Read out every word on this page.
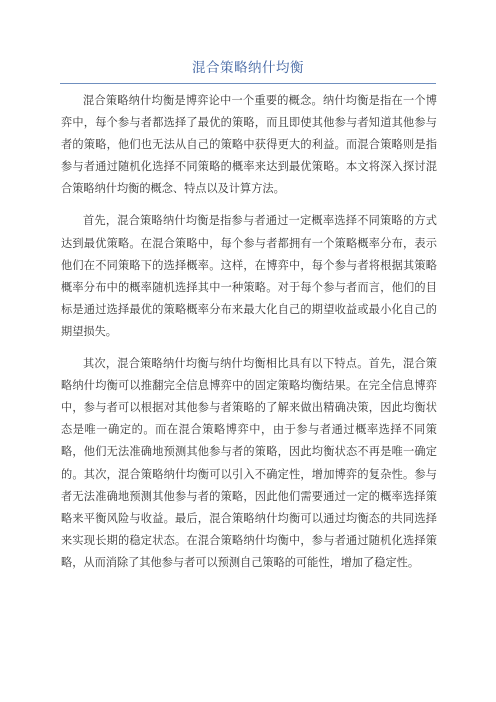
混合策略纳什均衡

混合策略纳什均衡是博弈论中一个重要的概念。纳什均衡是指在一个博弈中，每个参与者都选择了最优的策略，而且即使其他参与者知道其他参与者的策略，他们也无法从自己的策略中获得更大的利益。而混合策略则是指参与者通过随机化选择不同策略的概率来达到最优策略。本文将深入探讨混合策略纳什均衡的概念、特点以及计算方法。

首先，混合策略纳什均衡是指参与者通过一定概率选择不同策略的方式达到最优策略。在混合策略中，每个参与者都拥有一个策略概率分布，表示他们在不同策略下的选择概率。这样，在博弈中，每个参与者将根据其策略概率分布中的概率随机选择其中一种策略。对于每个参与者而言，他们的目标是通过选择最优的策略概率分布来最大化自己的期望收益或最小化自己的期望损失。

其次，混合策略纳什均衡与纳什均衡相比具有以下特点。首先，混合策略纳什均衡可以推翻完全信息博弈中的固定策略均衡结果。在完全信息博弈中，参与者可以根据对其他参与者策略的了解来做出精确决策，因此均衡状态是唯一确定的。而在混合策略博弈中，由于参与者通过概率选择不同策略，他们无法准确地预测其他参与者的策略，因此均衡状态不再是唯一确定的。其次，混合策略纳什均衡可以引入不确定性，增加博弈的复杂性。参与者无法准确地预测其他参与者的策略，因此他们需要通过一定的概率选择策略来平衡风险与收益。最后，混合策略纳什均衡可以通过均衡态的共同选择来实现长期的稳定状态。在混合策略纳什均衡中，参与者通过随机化选择策略，从而消除了其他参与者可以预测自己策略的可能性，增加了稳定性。
